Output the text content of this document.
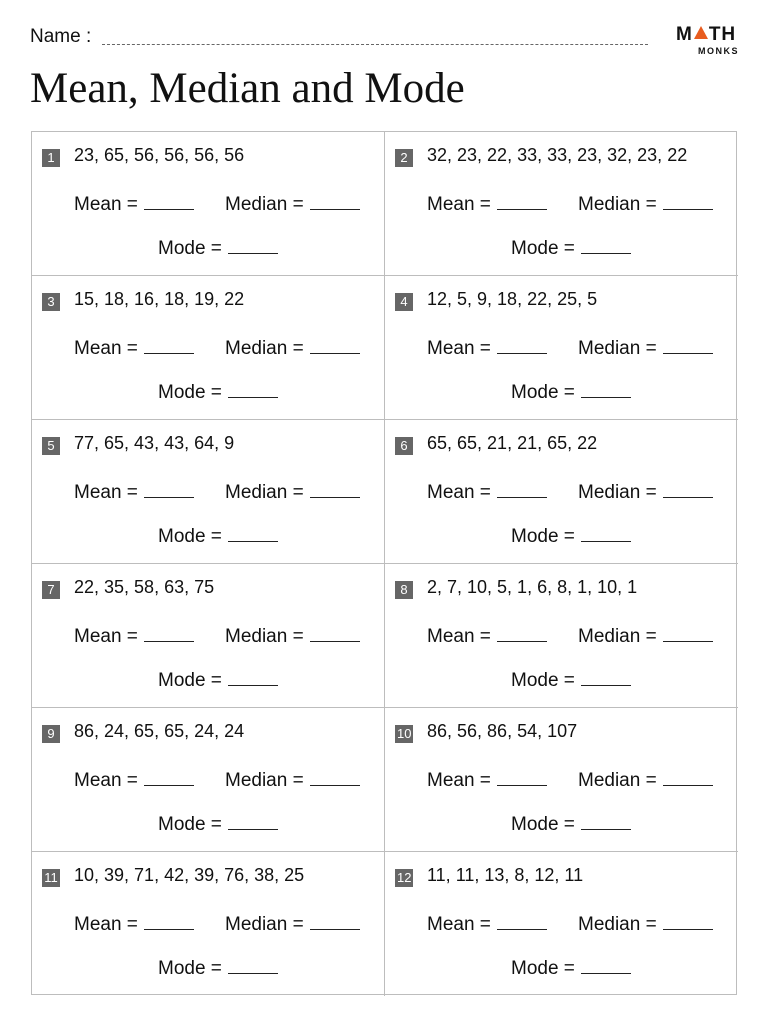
Name :	M TH
MONKS
Mean, Median and Mode
1 23, 65, 56, 56, 56, 56
Mean =	Median =
Mode =
2 32, 23, 22, 33, 33, 23, 32, 23, 22
Mean =	Median =
Mode =
3 15, 18, 16, 18, 19, 22
Mean =	Median =
Mode =
4 12, 5, 9, 18, 22, 25, 5
Mean =	Median =
Mode =
5 77, 65, 43, 43, 64, 9
Mean =	Median =
Mode =
6 65, 65, 21, 21, 65, 22
Mean =	Median =
Mode =
7 22, 35, 58, 63, 75
Mean =	Median =
Mode =
8 2, 7, 10, 5, 1, 6, 8, 1, 10, 1
Mean =	Median =
Mode =
9 86, 24, 65, 65, 24, 24
Mean =	Median =
Mode =
10 86, 56, 86, 54, 107
Mean =	Median =
Mode =
11 10, 39, 71, 42, 39, 76, 38, 25
Mean =	Median =
Mode =
12 11, 11, 13, 8, 12, 11
Mean =	Median =
Mode =
